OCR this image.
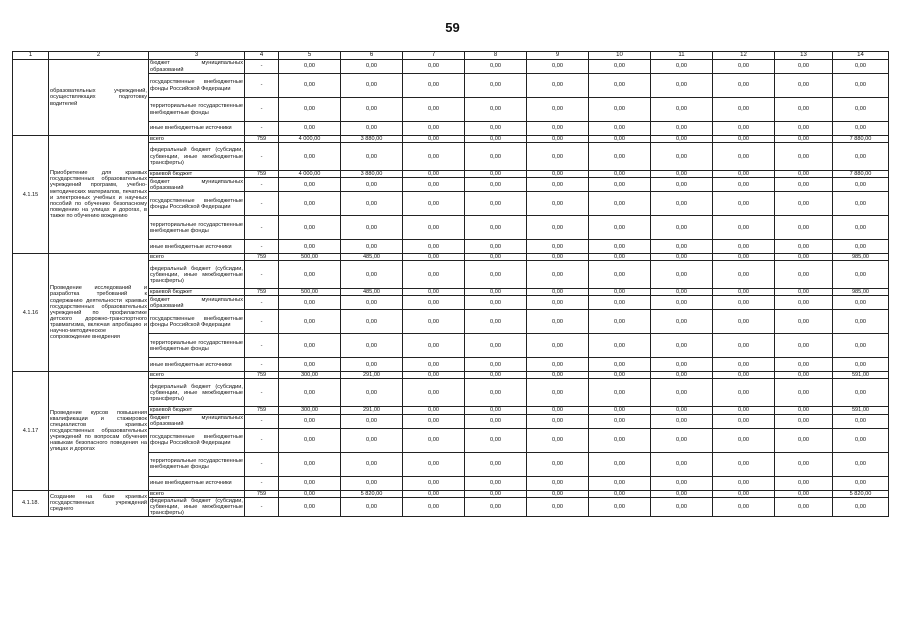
59
1	2	3	4	5	6	7	8	9	10	11	12	13	14
	образовательных учреждений, осуществляющих подготовку водителей	бюджет муниципальных образований	-	0,00	0,00	0,00	0,00	0,00	0,00	0,00	0,00	0,00	0,00
		государственные внебюджетные фонды Российской Федерации	-	0,00	0,00	0,00	0,00	0,00	0,00	0,00	0,00	0,00	0,00
		территориальные государственные внебюджетные фонды	-	0,00	0,00	0,00	0,00	0,00	0,00	0,00	0,00	0,00	0,00
		иные внебюджетные источники	-	0,00	0,00	0,00	0,00	0,00	0,00	0,00	0,00	0,00	0,00
4.1.15	Приобретение для краевых государственных образовательных учреждений программ, учебно-методических материалов, печатных и электронных учебных и научных пособий по обучению безопасному поведению на улицах и дорогах, в также по обучению вождению	всего	759	4 000,00	3 880,00	0,00	0,00	0,00	0,00	0,00	0,00	0,00	7 880,00
		федеральный бюджет (субсидии, субвенции, иные межбюджетные трансферты)	-	0,00	0,00	0,00	0,00	0,00	0,00	0,00	0,00	0,00	0,00
		краевой бюджет	759	4 000,00	3 880,00	0,00	0,00	0,00	0,00	0,00	0,00	0,00	7 880,00
		бюджет муниципальных образований	-	0,00	0,00	0,00	0,00	0,00	0,00	0,00	0,00	0,00	0,00
		государственные внебюджетные фонды Российской Федерации	-	0,00	0,00	0,00	0,00	0,00	0,00	0,00	0,00	0,00	0,00
		территориальные государственные внебюджетные фонды	-	0,00	0,00	0,00	0,00	0,00	0,00	0,00	0,00	0,00	0,00
		иные внебюджетные источники	-	0,00	0,00	0,00	0,00	0,00	0,00	0,00	0,00	0,00	0,00
4.1.16	Проведение исследований и разработка требований к содержанию деятельности краевых государственных образовательных учреждений по профилактике детского дорожно-транспортного травматизма, включая апробацию и научно-методическое сопровождение внедрения	всего	759	500,00	485,00	0,00	0,00	0,00	0,00	0,00	0,00	0,00	985,00
		федеральный бюджет (субсидии, субвенции, иные межбюджетные трансферты)	-	0,00	0,00	0,00	0,00	0,00	0,00	0,00	0,00	0,00	0,00
		краевой бюджет	759	500,00	485,00	0,00	0,00	0,00	0,00	0,00	0,00	0,00	985,00
		бюджет муниципальных образований	-	0,00	0,00	0,00	0,00	0,00	0,00	0,00	0,00	0,00	0,00
		государственные внебюджетные фонды Российской Федерации	-	0,00	0,00	0,00	0,00	0,00	0,00	0,00	0,00	0,00	0,00
		территориальные государственные внебюджетные фонды	-	0,00	0,00	0,00	0,00	0,00	0,00	0,00	0,00	0,00	0,00
		иные внебюджетные источники	-	0,00	0,00	0,00	0,00	0,00	0,00	0,00	0,00	0,00	0,00
4.1.17	Проведение курсов повышения квалификации и стажировок специалистов краевых государственных образовательных учреждений по вопросам обучения навыкам безопасного поведения на улицах и дорогах	всего	759	300,00	291,00	0,00	0,00	0,00	0,00	0,00	0,00	0,00	591,00
		федеральный бюджет (субсидии, субвенции, иные межбюджетные трансферты)	-	0,00	0,00	0,00	0,00	0,00	0,00	0,00	0,00	0,00	0,00
		краевой бюджет	759	300,00	291,00	0,00	0,00	0,00	0,00	0,00	0,00	0,00	591,00
		бюджет муниципальных образований	-	0,00	0,00	0,00	0,00	0,00	0,00	0,00	0,00	0,00	0,00
		государственные внебюджетные фонды Российской Федерации	-	0,00	0,00	0,00	0,00	0,00	0,00	0,00	0,00	0,00	0,00
		территориальные государственные внебюджетные фонды	-	0,00	0,00	0,00	0,00	0,00	0,00	0,00	0,00	0,00	0,00
		иные внебюджетные источники	-	0,00	0,00	0,00	0,00	0,00	0,00	0,00	0,00	0,00	0,00
4.1.18.	Создание на базе краевых государственных учреждений среднего	всего	759	0,00	5 820,00	0,00	0,00	0,00	0,00	0,00	0,00	0,00	5 820,00
		федеральный бюджет (субсидии, субвенции, иные межбюджетные трансферты)	-	0,00	0,00	0,00	0,00	0,00	0,00	0,00	0,00	0,00	0,00
